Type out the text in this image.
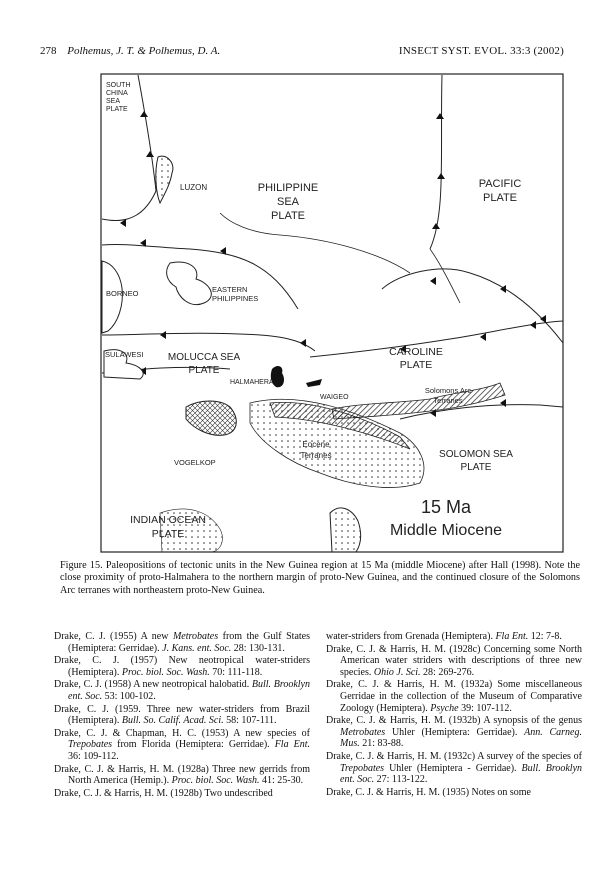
278 Polhemus, J. T. & Polhemus, D. A.	INSECT SYST. EVOL. 33:3 (2002)
SOUTH
CHINA
SEA
PLATE
LUZON	PHILIPPINE
SEA
PLATE
PACIFIC
PLATE
BORNEO	EASTERN
PHILIPPINES
SULAWESI MOLUCCA SEA
PLATE
CAROLINE
PLATE
HALMAHERA
WAIGEO
Solomons Arc
Terranes
Eocene
Terranes
VOGELKOP
SOLOMON SEA
PLATE
INDIAN OCEAN
PLATE
15 Ma
Middle Miocene

Figure 15. Paleopositions of tectonic units in the New Guinea region at 15 Ma (middle Miocene) after Hall (1998). Note the close proximity of proto-Halmahera to the northern margin of proto-New Guinea, and the continued closure of the Solomons Arc terranes with northeastern proto-New Guinea.

Drake, C. J. (1955) A new Metrobates from the Gulf States (Hemiptera: Gerridae). J. Kans. ent. Soc. 28: 130-131.

Drake, C. J. (1957) New neotropical water-striders (Hemiptera). Proc. biol. Soc. Wash. 70: 111-118.

Drake, C. J. (1958) A new neotropical halobatid. Bull. Brooklyn ent. Soc. 53: 100-102.

Drake, C. J. (1959. Three new water-striders from Brazil (Hemiptera). Bull. So. Calif. Acad. Sci. 58: 107-111.

Drake, C. J. & Chapman, H. C. (1953) A new species of Trepobates from Florida (Hemiptera: Gerridae). Fla Ent. 36: 109-112.

Drake, C. J. & Harris, H. M. (1928a) Three new gerrids from North America (Hemip.). Proc. biol. Soc. Wash. 41: 25-30.

Drake, C. J. & Harris, H. M. (1928b) Two undescribed

water-striders from Grenada (Hemiptera). Fla Ent. 12: 7-8.

Drake, C. J. & Harris, H. M. (1928c) Concerning some North American water striders with descriptions of three new species. Ohio J. Sci. 28: 269-276.

Drake, C. J. & Harris, H. M. (1932a) Some miscellaneous Gerridae in the collection of the Museum of Comparative Zoology (Hemiptera). Psyche 39: 107-112.

Drake, C. J. & Harris, H. M. (1932b) A synopsis of the genus Metrobates Uhler (Hemiptera: Gerridae). Ann. Carneg. Mus. 21: 83-88.

Drake, C. J. & Harris, H. M. (1932c) A survey of the species of Trepobates Uhler (Hemiptera - Gerridae). Bull. Brooklyn ent. Soc. 27: 113-122.

Drake, C. J. & Harris, H. M. (1935) Notes on some
